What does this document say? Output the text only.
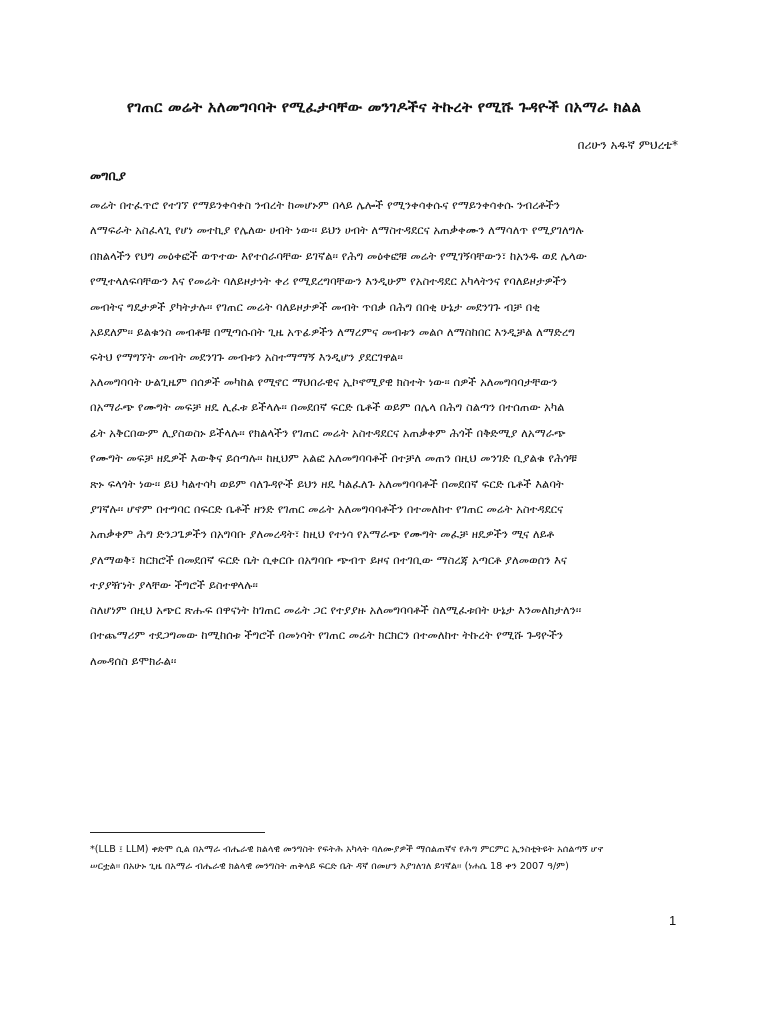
የገጠር መሬት አለመግባባት የሚፈታባቸው መንገዶችና ትኩረት የሚሹ ጉዳዮች በአማራ ክልል
በሪሁን አዱኛ ምህረቴ*
መግቢያ
መሬት በተፈጥሮ የተገኘ የማይንቀሳቀስ ንብረት ከመሆኑም በላይ ሌሎች የሚንቀሳቀሱና የማይንቀሳቀሱ ንብረቶችን
ለማፍራት አስፈላጊ የሆነ መተኪያ የሌለው ሀብት ነው፡፡ ይህን ሀብት ለማስተዳደርና አጠቃቀሙን ለማሳለጥ የሚያገለግሉ
በክልላችን የህግ መዕቀፎች ወጥተው እየተሰራባቸው ይገኛል፡፡ የሕግ መዕቀፎቹ መሬት የሚገኝባቸውን፣ ከአንዱ ወደ ሌላው
የሚተላለፍባቸውን እና የመሬት ባለይዞታነት ቀሪ የሚደረግባቸውን እንዲሁም የአስተዳደር አካላትንና የባለይዞታዎችን
መብትና ግዴታዎች ያካትታሉ፡፡ የገጠር መሬት ባለይዞታዎች መብት ጥበቃ በሕግ በበቂ ሁኔታ መደንገጉ ብቻ በቂ
አይደለም፡፡ ይልቁንስ መብቶቹ በሚጣሱበት ጊዜ አጥፊዎችን ለማረምና መብቱን መልሶ ለማስከበር እንዲቻል ለማድረግ
ፍትህ የማግኘት መብት መደንገጉ መብቱን አስተማማኝ እንዲሆን ያደርገዋል፡፡
አለመግባባት ሁልጊዜም በሰዎች መካከል የሚኖር ማህበራዊና ኢኮኖሚያዊ ክስተት ነው፡፡ ሰዎች አለመግባባታቸውን
በአማራጭ የሙግት መፍቻ ዘዴ ሊፈቱ ይችላሉ፡፡ በመደበኛ ፍርድ ቤቶች ወይም በሌላ በሕግ ስልጣን በተሰጠው አካል
ፊት አቅርበውም ሊያስወስኑ ይችላሉ፡፡ የክልላችን የገጠር መሬት አስተዳደርና አጠቃቀም ሕጎች በቅድሚያ ለአማራጭ
የሙግት መፍቻ ዘዴዎች እውቅና ይሰጣሉ፡፡ ከዚህም አልፎ አለመግባባቶች በተቻለ መጠን በዚህ መንገድ ቢያልቁ የሕጎቹ
ጽኑ ፍላጎት ነው፡፡ ይህ ካልተሳካ ወይም ባለጉዳዮች ይህን ዘዴ ካልፈለጉ አለመግባባቶች በመደበኛ ፍርድ ቤቶች እልባት
ያገኛሉ፡፡ ሆኖም በተግባር በፍርድ ቤቶች ዘንድ የገጠር መሬት አለመግባባቶችን በተመለከተ የገጠር መሬት አስተዳደርና
አጠቃቀም ሕግ ድንጋጌዎችን በአግባቡ ያለመረዳት፣ ከዚህ የተነሳ የአማራጭ የሙግት መፈቻ ዘዴዎችን ሚና ለይቶ
ያለማወቅ፣ ክርክሮች በመደበኛ ፍርድ ቤት ሲቀርቡ በአግባቡ ጭብጥ ይዞና በተገቢው ማስረጃ አጣርቶ ያለመወሰን እና
ተያያዥነት ያላቸው ችግሮች ይስተዋላሉ፡፡
ስለሆነም በዚህ አጭር ጽሑፍ በዋናነት ከገጠር መሬት ጋር የተያያዙ አለመግባባቶች ስለሚፈቱበት ሁኔታ እንመለከታለን፡፡
በተጨማሪም ተደጋግመው ከሚከሰቱ ችግሮች በመነሳት የገጠር መሬት ክርክርን በተመለከተ ትኩረት የሚሹ ጉዳዮችን
ለመዳሰስ ይሞክራል፡፡
*(LLB ፤ LLM) ቀድሞ ሲል በአማራ ብሔራዊ ክልላዊ መንግስት የፍትሕ አካላት ባለሙያዎች ማሰልጠኛና የሕግ ምርምር ኢንስቲትዩት አሰልጣኝ ሆኖ
ሠርቷል፡፡ በአሁኑ ጊዜ በአማራ ብሔራዊ ክልላዊ መንግስት ጠቅላይ ፍርድ ቤት ዳኛ በመሆን እያገለገለ ይገኛል፡፡ (ነሐሴ 18 ቀን 2007 ዓ/ም)
1
